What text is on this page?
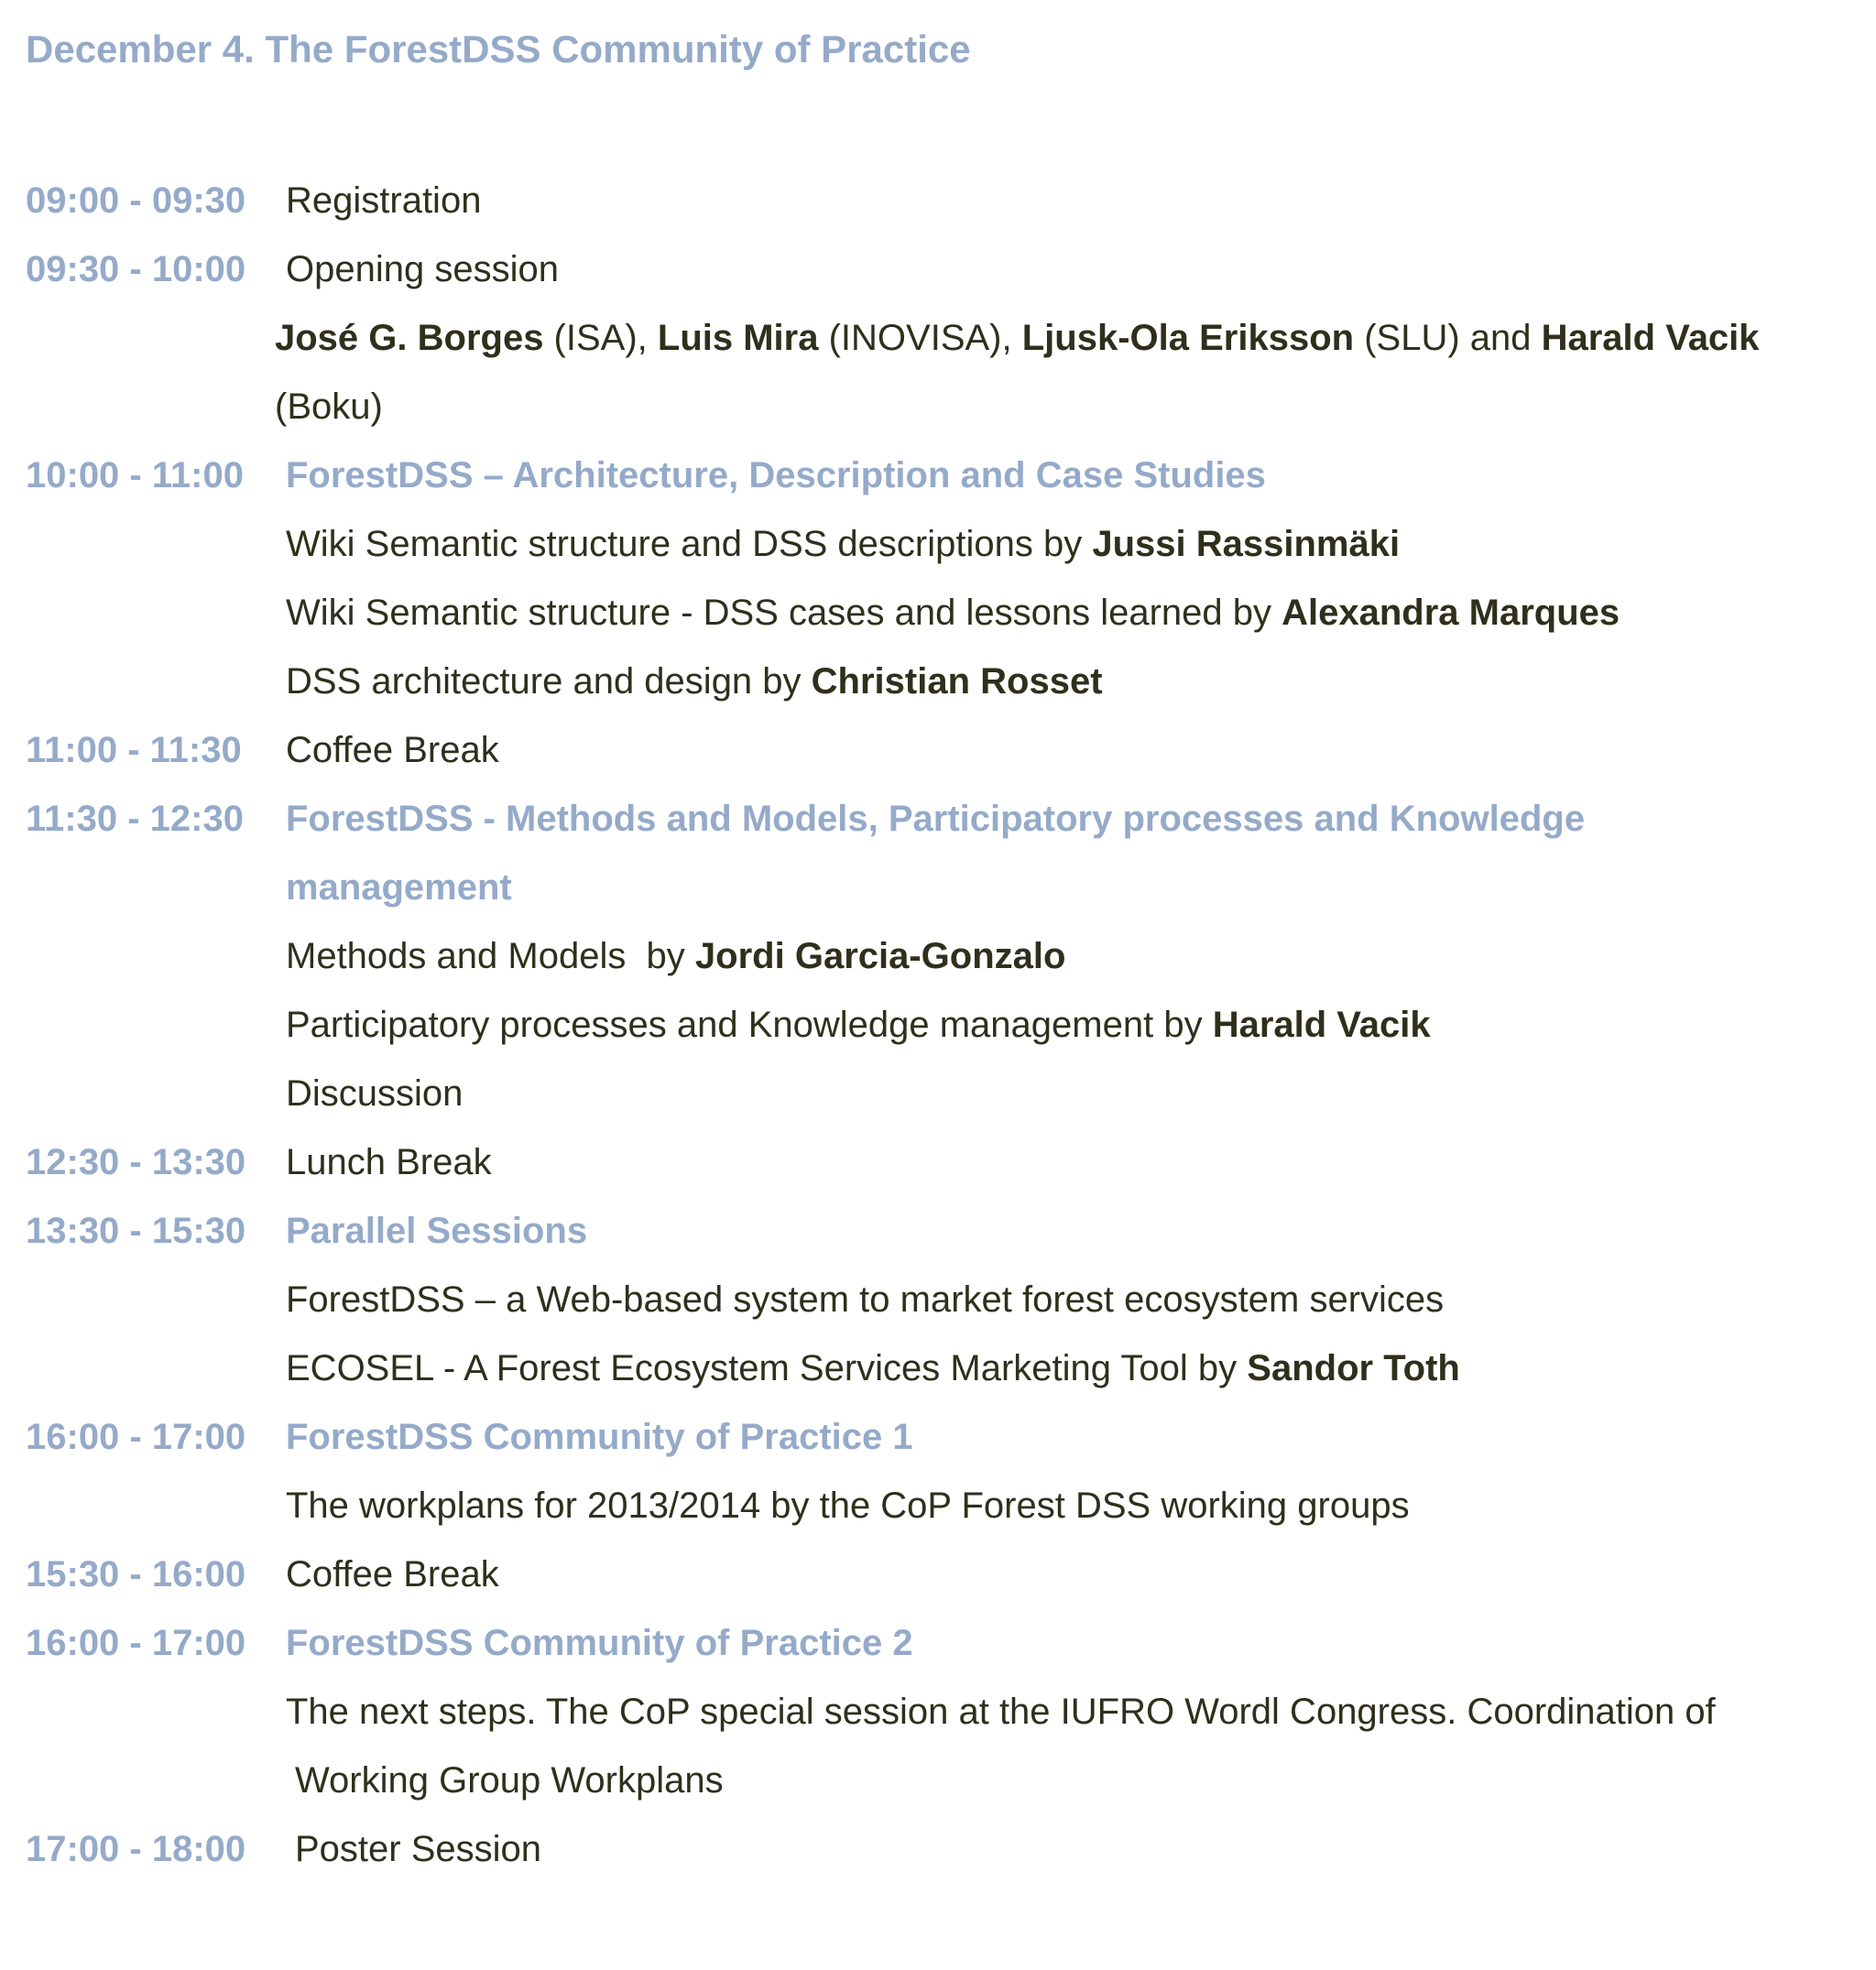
December 4. The ForestDSS Community of Practice
09:00 - 09:30 Registration
09:30 - 10:00 Opening session
José G. Borges (ISA), Luis Mira (INOVISA), Ljusk-Ola Eriksson (SLU) and Harald Vacik
(Boku)
10:00 - 11:00 ForestDSS – Architecture, Description and Case Studies
Wiki Semantic structure and DSS descriptions by Jussi Rassinmäki
Wiki Semantic structure - DSS cases and lessons learned by Alexandra Marques
DSS architecture and design by Christian Rosset
11:00 - 11:30 Coffee Break
11:30 - 12:30 ForestDSS - Methods and Models, Participatory processes and Knowledge
management
Methods and Models  by Jordi Garcia-Gonzalo
Participatory processes and Knowledge management by Harald Vacik
Discussion
12:30 - 13:30 Lunch Break
13:30 - 15:30 Parallel Sessions
ForestDSS – a Web-based system to market forest ecosystem services
ECOSEL - A Forest Ecosystem Services Marketing Tool by Sandor Toth
16:00 - 17:00 ForestDSS Community of Practice 1
The workplans for 2013/2014 by the CoP Forest DSS working groups
15:30 - 16:00 Coffee Break
16:00 - 17:00 ForestDSS Community of Practice 2
The next steps. The CoP special session at the IUFRO Wordl Congress. Coordination of
Working Group Workplans
17:00 - 18:00 Poster Session
